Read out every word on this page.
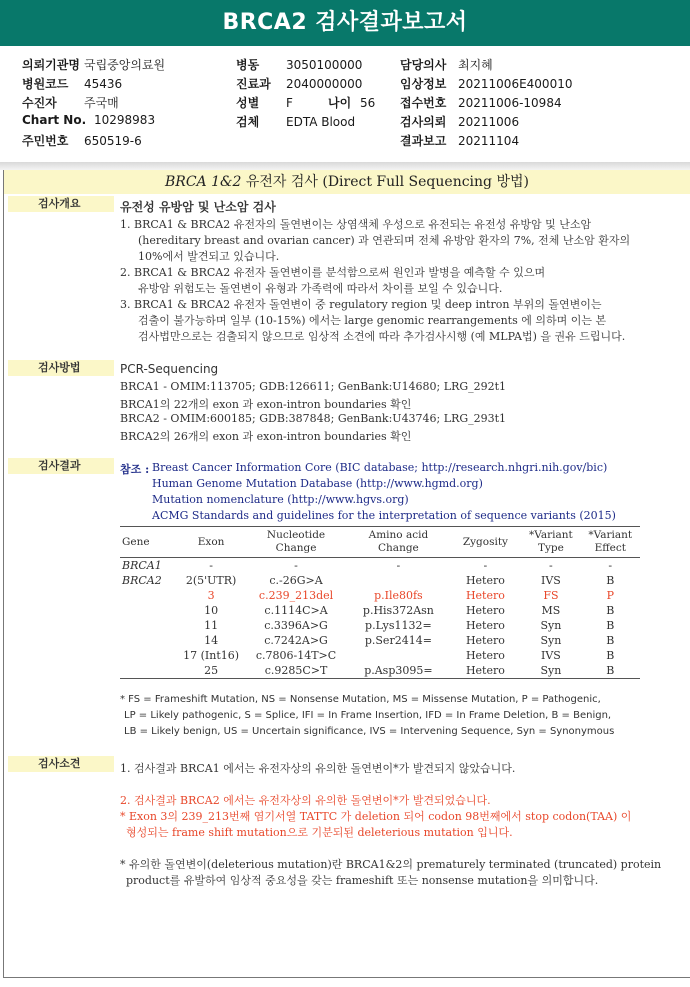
BRCA2 검사결과보고서
의뢰기관명 국립중앙의료원
병원코드 45436
수진자 주국매
Chart No. 10298983
주민번호 650519-6
병동 3050100000
진료과 2040000000
성별 F	나이 56
검체 EDTA Blood
담당의사 최지혜
임상정보 20211006E400010
접수번호 20211006-10984
검사의뢰 20211006
결과보고 20211104
BRCA 1&2 유전자 검사 (Direct Full Sequencing 방법)
검사개요	유전성 유방암 및 난소암 검사
1. BRCA1 & BRCA2 유전자의 돌연변이는 상염색체 우성으로 유전되는 유전성 유방암 및 난소암
(hereditary breast and ovarian cancer) 과 연관되며 전체 유방암 환자의 7%, 전체 난소암 환자의
10%에서 발견되고 있습니다.
2. BRCA1 & BRCA2 유전자 돌연변이를 분석함으로써 원인과 발병을 예측할 수 있으며
유방암 위험도는 돌연변이 유형과 가족력에 따라서 차이를 보일 수 있습니다.
3. BRCA1 & BRCA2 유전자 돌연변이 중 regulatory region 및 deep intron 부위의 돌연변이는
검출이 불가능하며 일부 (10-15%) 에서는 large genomic rearrangements 에 의하며 이는 본
검사법만으로는 검출되지 않으므로 임상적 소견에 따라 추가검사시행 (예 MLPA법) 을 권유 드립니다.
검사방법	PCR-Sequencing
BRCA1 - OMIM:113705; GDB:126611; GenBank:U14680; LRG_292t1
BRCA1의 22개의 exon 과 exon-intron boundaries 확인
BRCA2 - OMIM:600185; GDB:387848; GenBank:U43746; LRG_293t1
BRCA2의 26개의 exon 과 exon-intron boundaries 확인
검사결과	참조 : Breast Cancer Information Core (BIC database; http://research.nhgri.nih.gov/bic)
Human Genome Mutation Database (http://www.hgmd.org)
Mutation nomenclature (http://www.hgvs.org)
ACMG Standards and guidelines for the interpretation of sequence variants (2015)
Gene	Exon	Nucleotide Change	Amino acid Change	Zygosity	*Variant Type	*Variant Effect
BRCA1	-	-	-	-	-	-
BRCA2	2(5'UTR)	c.-26G>A		Hetero	IVS	B
	3	c.239_213del	p.Ile80fs	Hetero	FS	P
	10	c.1114C>A	p.His372Asn	Hetero	MS	B
	11	c.3396A>G	p.Lys1132=	Hetero	Syn	B
	14	c.7242A>G	p.Ser2414=	Hetero	Syn	B
	17 (Int16)	c.7806-14T>C		Hetero	IVS	B
	25	c.9285C>T	p.Asp3095=	Hetero	Syn	B
* FS = Frameshift Mutation, NS = Nonsense Mutation, MS = Missense Mutation, P = Pathogenic,
LP = Likely pathogenic, S = Splice, IFI = In Frame Insertion, IFD = In Frame Deletion, B = Benign,
LB = Likely benign, US = Uncertain significance, IVS = Intervening Sequence, Syn = Synonymous
검사소견	1. 검사결과 BRCA1 에서는 유전자상의 유의한 돌연변이*가 발견되지 않았습니다.
2. 검사결과 BRCA2 에서는 유전자상의 유의한 돌연변이*가 발견되었습니다.
* Exon 3의 239_213번째 염기서열 TATTC 가 deletion 되어 codon 98번째에서 stop codon(TAA) 이
형성되는 frame shift mutation으로 기분되된 deleterious mutation 입니다.
* 유의한 돌연변이(deleterious mutation)란 BRCA1&2의 prematurely terminated (truncated) protein
product를 유발하여 임상적 중요성을 갖는 frameshift 또는 nonsense mutation을 의미합니다.
